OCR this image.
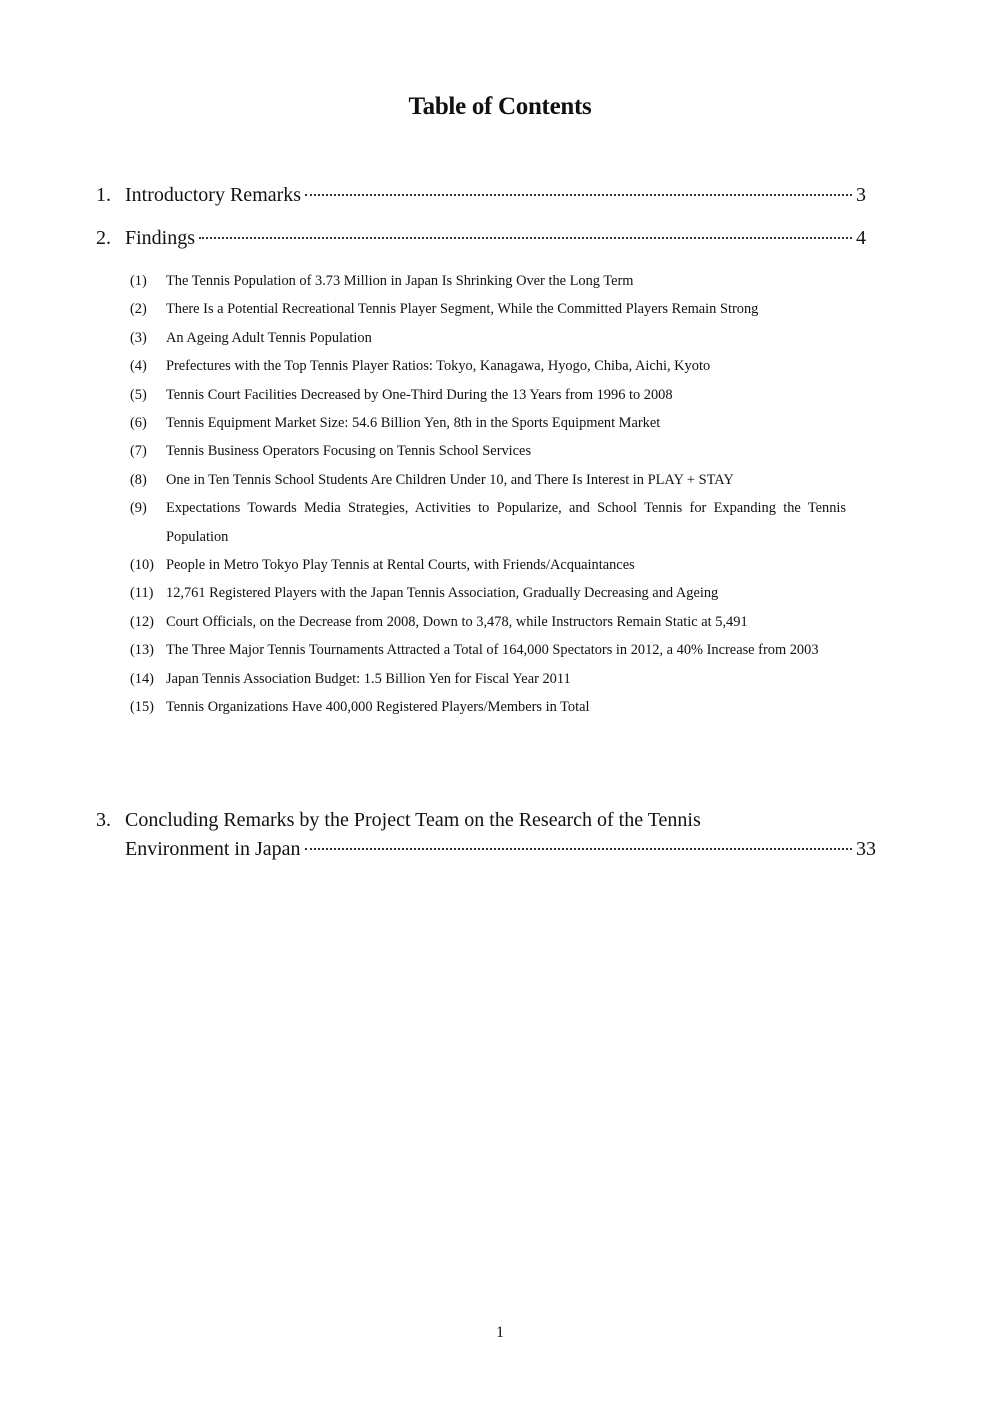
Table of Contents
1. Introductory Remarks	3
2. Findings	4
(1)	The Tennis Population of 3.73 Million in Japan Is Shrinking Over the Long Term
(2)	There Is a Potential Recreational Tennis Player Segment, While the Committed Players Remain Strong
(3)	An Ageing Adult Tennis Population
(4)	Prefectures with the Top Tennis Player Ratios: Tokyo, Kanagawa, Hyogo, Chiba, Aichi, Kyoto
(5)	Tennis Court Facilities Decreased by One-Third During the 13 Years from 1996 to 2008
(6)	Tennis Equipment Market Size: 54.6 Billion Yen, 8th in the Sports Equipment Market
(7)	Tennis Business Operators Focusing on Tennis School Services
(8)	One in Ten Tennis School Students Are Children Under 10, and There Is Interest in PLAY + STAY
(9)	Expectations Towards Media Strategies, Activities to Popularize, and School Tennis for Expanding the Tennis Population
(10) People in Metro Tokyo Play Tennis at Rental Courts, with Friends/Acquaintances
(11) 12,761 Registered Players with the Japan Tennis Association, Gradually Decreasing and Ageing
(12) Court Officials, on the Decrease from 2008, Down to 3,478, while Instructors Remain Static at 5,491
(13) The Three Major Tennis Tournaments Attracted a Total of 164,000 Spectators in 2012, a 40% Increase from 2003
(14) Japan Tennis Association Budget: 1.5 Billion Yen for Fiscal Year 2011
(15) Tennis Organizations Have 400,000 Registered Players/Members in Total
3. Concluding Remarks by the Project Team on the Research of the Tennis
Environment in Japan	33
1
